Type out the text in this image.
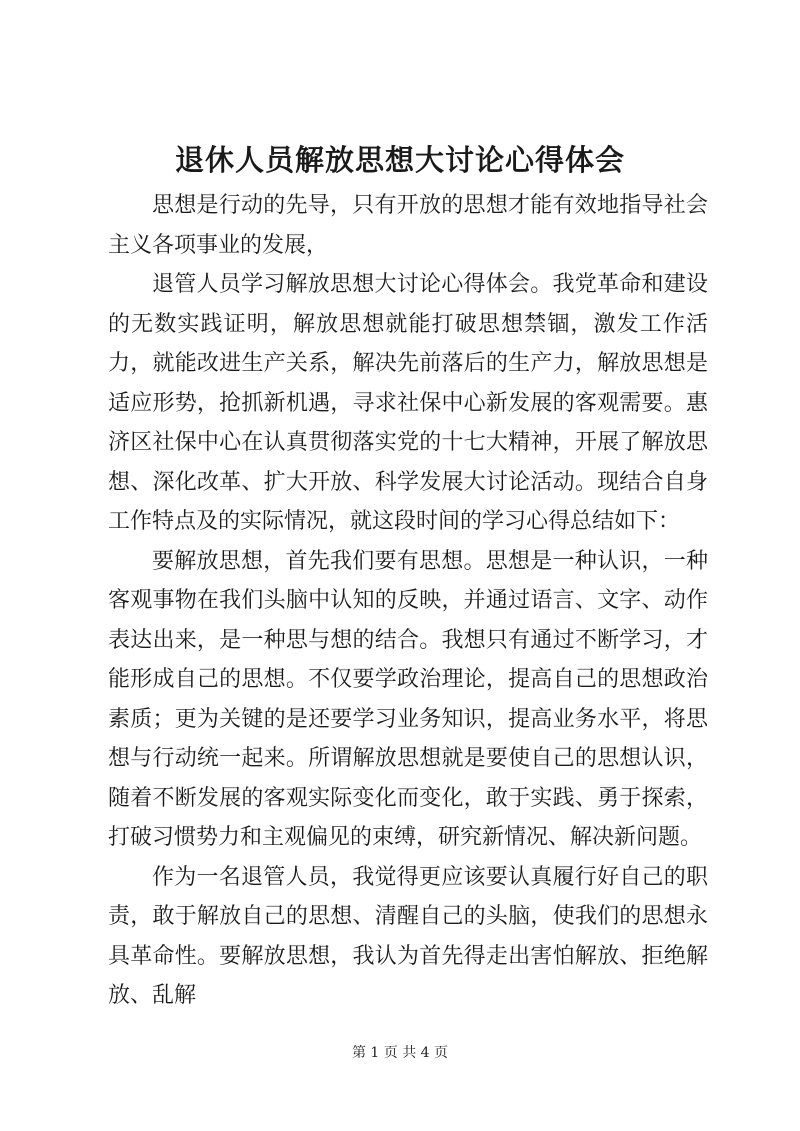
退休人员解放思想大讨论心得体会

思想是行动的先导，只有开放的思想才能有效地指导社会主义各项事业的发展，

退管人员学习解放思想大讨论心得体会。我党革命和建设的无数实践证明，解放思想就能打破思想禁锢，激发工作活力，就能改进生产关系，解决先前落后的生产力，解放思想是适应形势，抢抓新机遇，寻求社保中心新发展的客观需要。惠济区社保中心在认真贯彻落实党的十七大精神，开展了解放思想、深化改革、扩大开放、科学发展大讨论活动。现结合自身工作特点及的实际情况，就这段时间的学习心得总结如下：

要解放思想，首先我们要有思想。思想是一种认识，一种客观事物在我们头脑中认知的反映，并通过语言、文字、动作表达出来，是一种思与想的结合。我想只有通过不断学习，才能形成自己的思想。不仅要学政治理论，提高自己的思想政治素质；更为关键的是还要学习业务知识，提高业务水平，将思想与行动统一起来。所谓解放思想就是要使自己的思想认识，随着不断发展的客观实际变化而变化，敢于实践、勇于探索，打破习惯势力和主观偏见的束缚，研究新情况、解决新问题。

作为一名退管人员，我觉得更应该要认真履行好自己的职责，敢于解放自己的思想、清醒自己的头脑，使我们的思想永具革命性。要解放思想，我认为首先得走出害怕解放、拒绝解放、乱解

第 1 页 共 4 页
